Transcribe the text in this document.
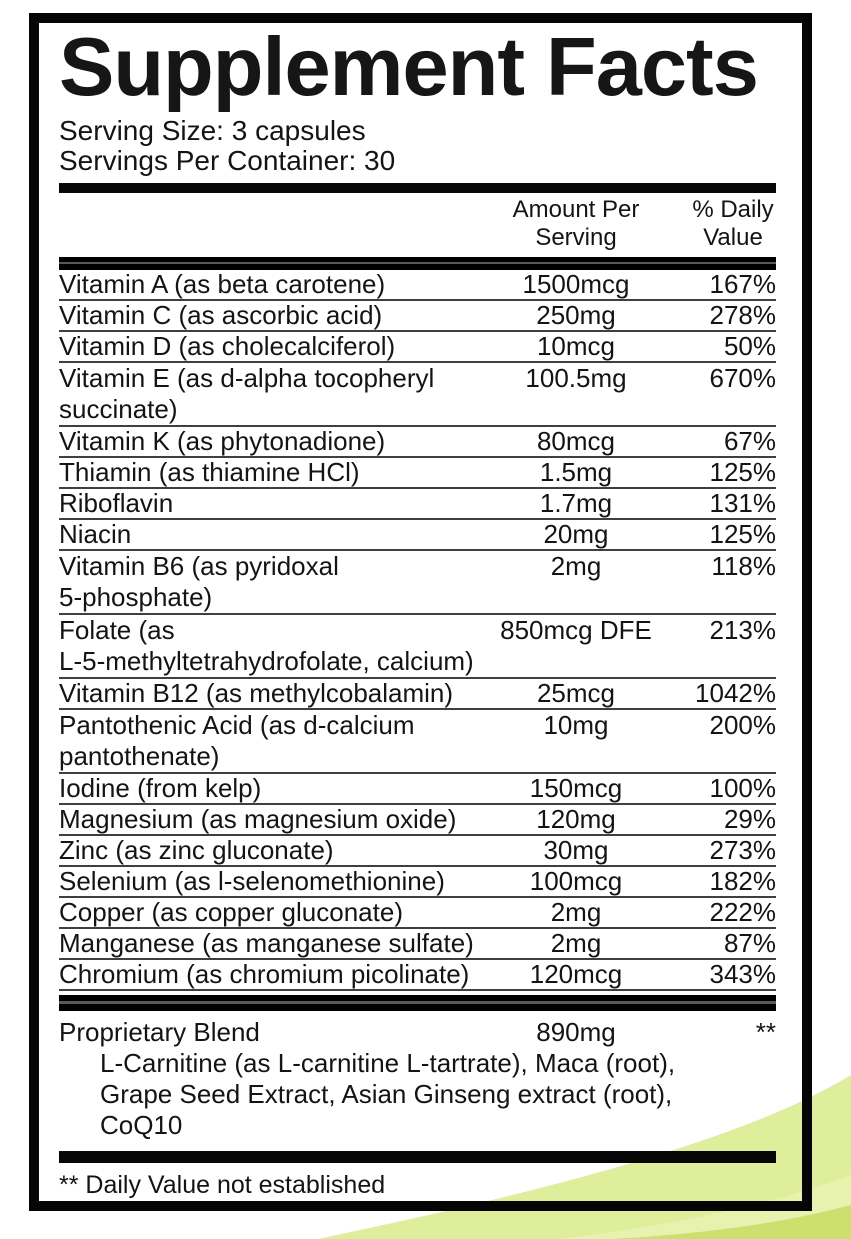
Supplement Facts
Serving Size: 3 capsules
Servings Per Container: 30
Amount Per
Serving
% Daily
Value
Vitamin A (as beta carotene)	1500mcg	167%
Vitamin C (as ascorbic acid)	250mg	278%
Vitamin D (as cholecalciferol)	10mcg	50%
Vitamin E (as d-alpha tocopheryl
succinate)
100.5mg	670%
Vitamin K (as phytonadione)	80mcg	67%
Thiamin (as thiamine HCl)	1.5mg	125%
Riboflavin	1.7mg	131%
Niacin	20mg	125%
Vitamin B6 (as pyridoxal
5-phosphate)
2mg	118%
Folate (as
L-5-methyltetrahydrofolate, calcium)
850mcg DFE	213%
Vitamin B12 (as methylcobalamin)	25mcg	1042%
Pantothenic Acid (as d-calcium
pantothenate)
10mg	200%
Iodine (from kelp)	150mcg	100%
Magnesium (as magnesium oxide)	120mg	29%
Zinc (as zinc gluconate)	30mg	273%
Selenium (as l-selenomethionine)	100mcg	182%
Copper (as copper gluconate)	2mg	222%
Manganese (as manganese sulfate)	2mg	87%
Chromium (as chromium picolinate)	120mcg	343%
Proprietary Blend	890mg	**
L-Carnitine (as L-carnitine L-tartrate), Maca (root),
Grape Seed Extract, Asian Ginseng extract (root),
CoQ10
** Daily Value not established
